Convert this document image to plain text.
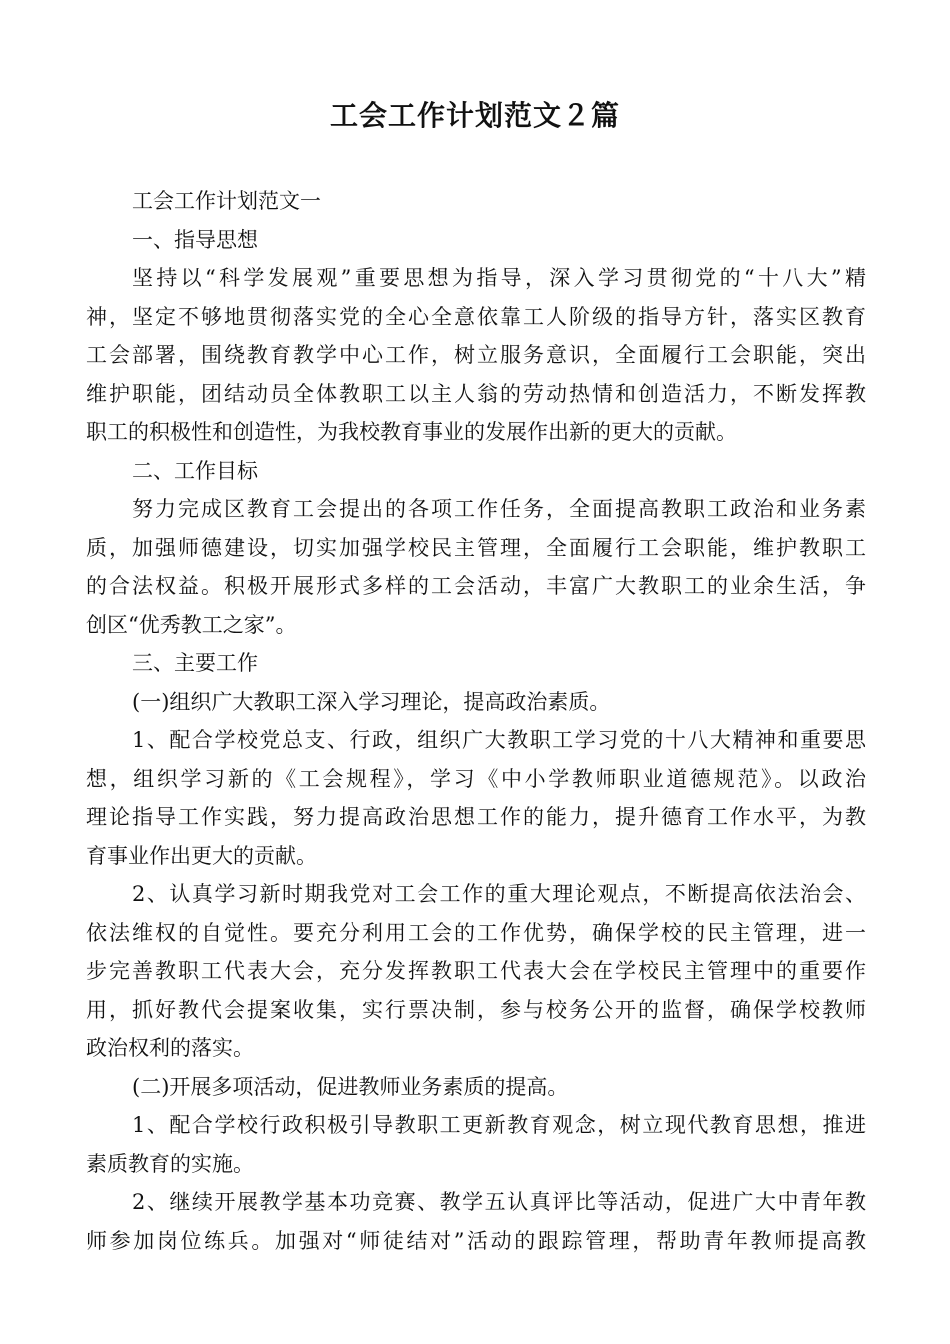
工会工作计划范文２篇
工会工作计划范文一
一、指导思想
坚持以“科学发展观”重要思想为指导，深入学习贯彻党的“十八大”精
神，坚定不够地贯彻落实党的全心全意依靠工人阶级的指导方针，落实区教育
工会部署，围绕教育教学中心工作，树立服务意识，全面履行工会职能，突出
维护职能，团结动员全体教职工以主人翁的劳动热情和创造活力，不断发挥教
职工的积极性和创造性，为我校教育事业的发展作出新的更大的贡献。
二、工作目标
努力完成区教育工会提出的各项工作任务，全面提高教职工政治和业务素
质，加强师德建设，切实加强学校民主管理，全面履行工会职能，维护教职工
的合法权益。积极开展形式多样的工会活动，丰富广大教职工的业余生活，争
创区“优秀教工之家”。
三、主要工作
(一)组织广大教职工深入学习理论，提高政治素质。
1、配合学校党总支、行政，组织广大教职工学习党的十八大精神和重要思
想，组织学习新的《工会规程》，学习《中小学教师职业道德规范》。以政治
理论指导工作实践，努力提高政治思想工作的能力，提升德育工作水平，为教
育事业作出更大的贡献。
2、认真学习新时期我党对工会工作的重大理论观点，不断提高依法治会、
依法维权的自觉性。要充分利用工会的工作优势，确保学校的民主管理，进一
步完善教职工代表大会，充分发挥教职工代表大会在学校民主管理中的重要作
用，抓好教代会提案收集，实行票决制，参与校务公开的监督，确保学校教师
政治权利的落实。
(二)开展多项活动，促进教师业务素质的提高。
1、配合学校行政积极引导教职工更新教育观念，树立现代教育思想，推进
素质教育的实施。
2、继续开展教学基本功竞赛、教学五认真评比等活动，促进广大中青年教
师参加岗位练兵。加强对“师徒结对”活动的跟踪管理，帮助青年教师提高教
